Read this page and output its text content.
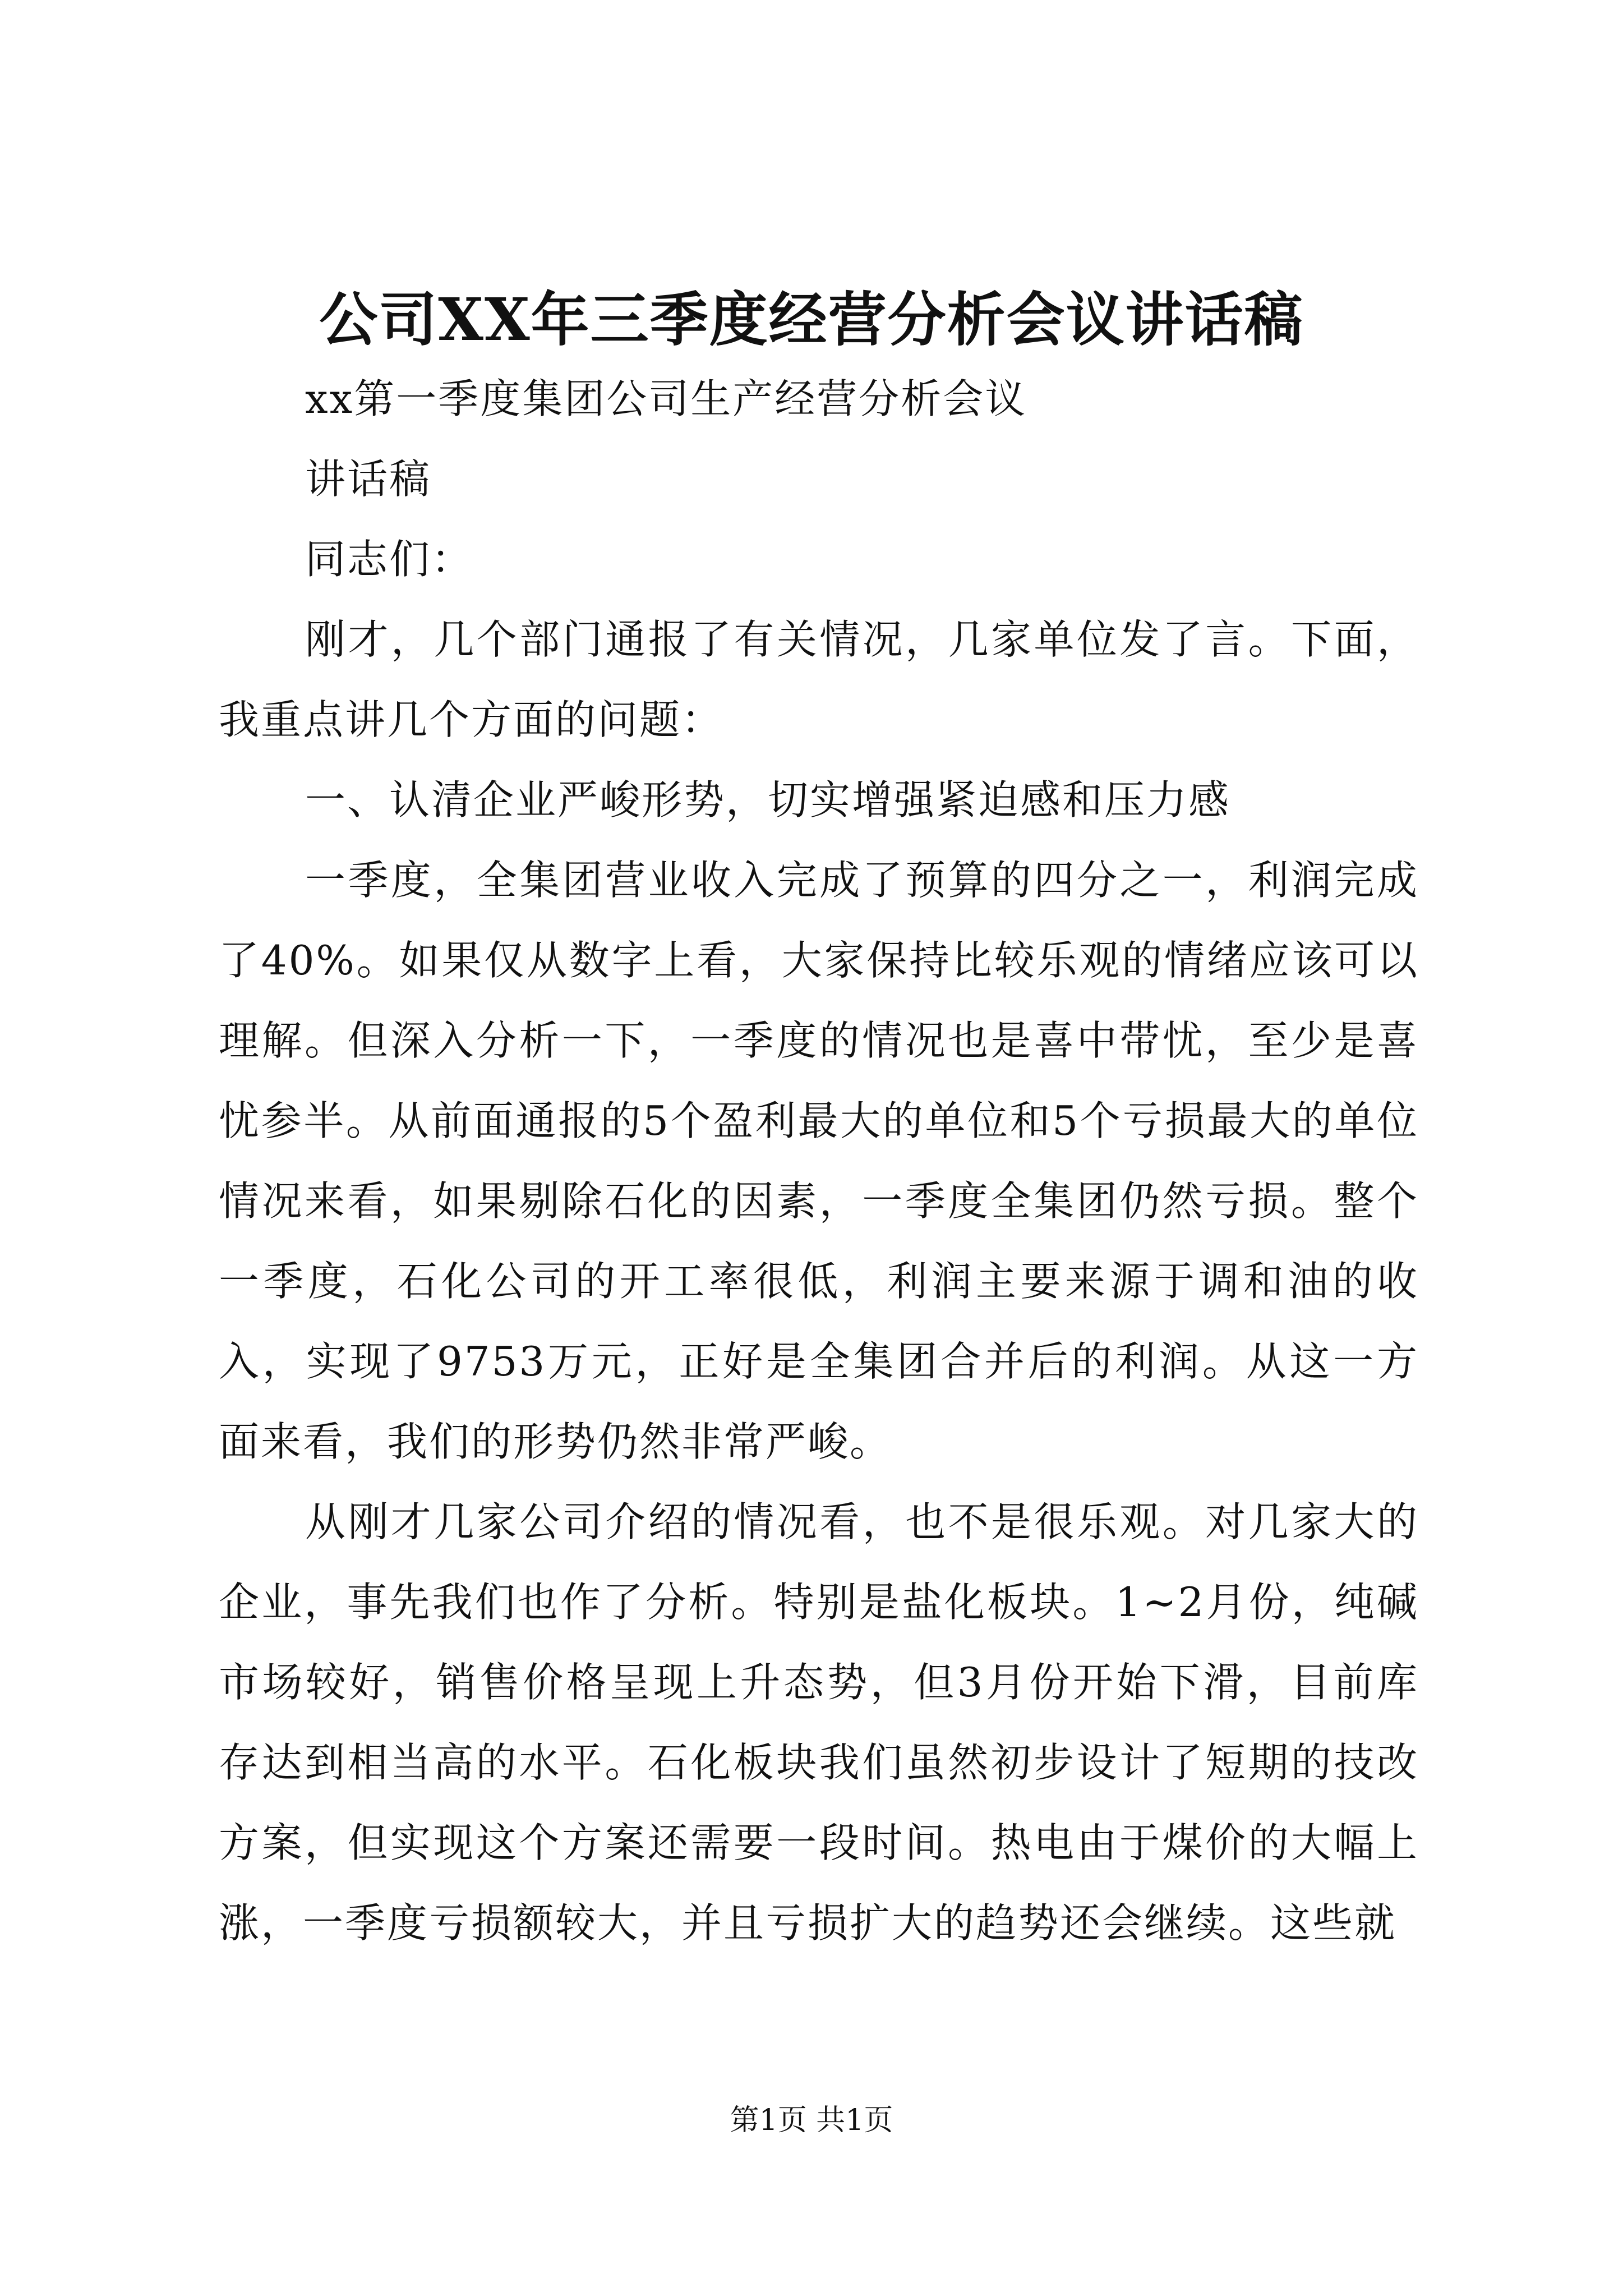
公司XX年三季度经营分析会议讲话稿

xx第一季度集团公司生产经营分析会议

讲话稿

同志们：

刚才，几个部门通报了有关情况，几家单位发了言。下面，我重点讲几个方面的问题：

一、认清企业严峻形势，切实增强紧迫感和压力感

一季度，全集团营业收入完成了预算的四分之一，利润完成了40%。如果仅从数字上看，大家保持比较乐观的情绪应该可以理解。但深入分析一下，一季度的情况也是喜中带忧，至少是喜忧参半。从前面通报的5个盈利最大的单位和5个亏损最大的单位情况来看，如果剔除石化的因素，一季度全集团仍然亏损。整个一季度，石化公司的开工率很低，利润主要来源于调和油的收入，实现了9753万元，正好是全集团合并后的利润。从这一方面来看，我们的形势仍然非常严峻。

从刚才几家公司介绍的情况看，也不是很乐观。对几家大的企业，事先我们也作了分析。特别是盐化板块。1~2月份，纯碱市场较好，销售价格呈现上升态势，但3月份开始下滑，目前库存达到相当高的水平。石化板块我们虽然初步设计了短期的技改方案，但实现这个方案还需要一段时间。热电由于煤价的大幅上涨，一季度亏损额较大，并且亏损扩大的趋势还会继续。这些就

第1页 共1页
